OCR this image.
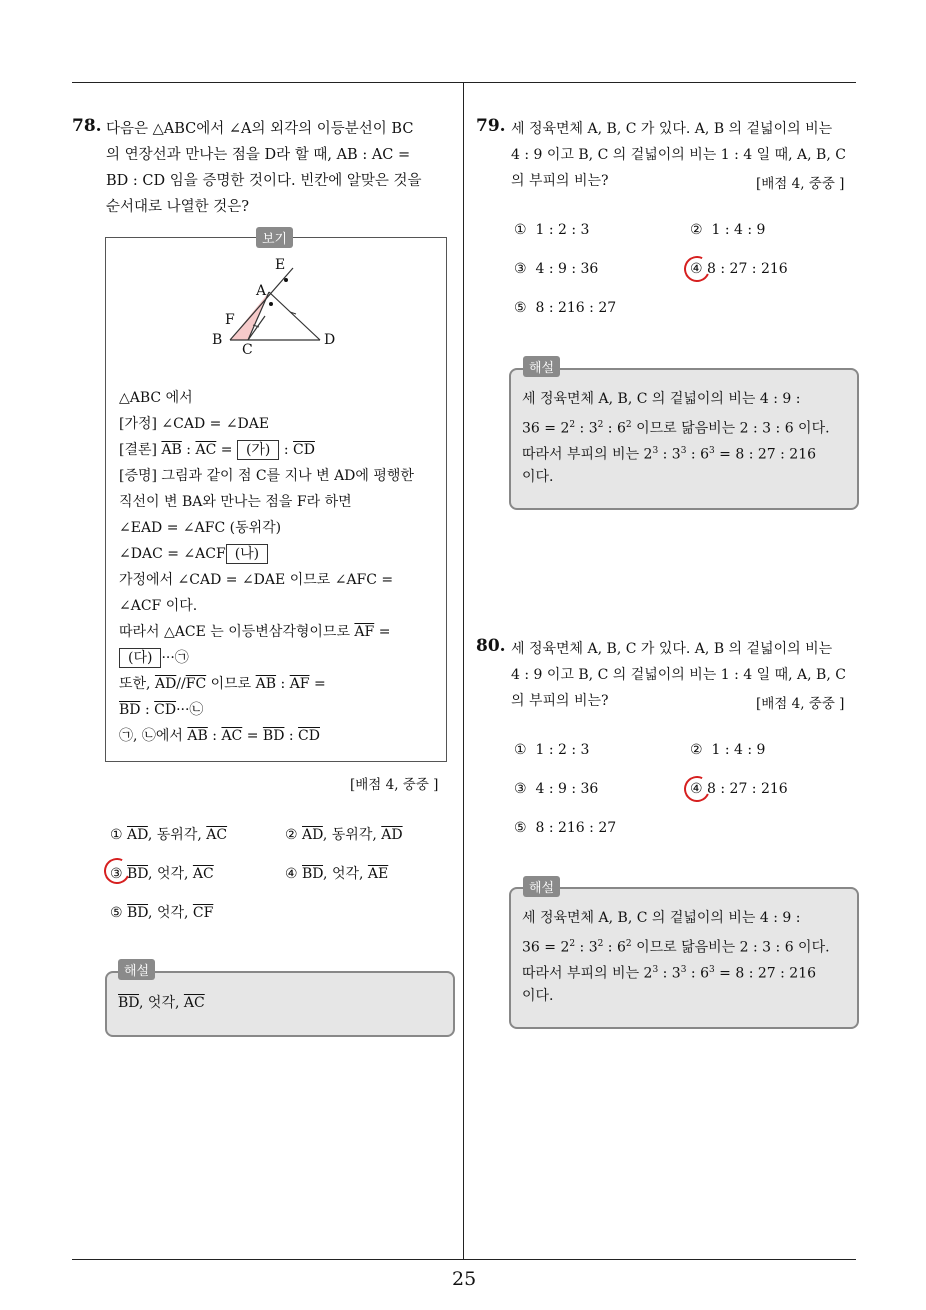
25
78. 다음은 △ABC에서 ∠A의 외각의 이등분선이 BC
의 연장선과 만나는 점을 D라 할 때, AB : AC =
BD : CD 임을 증명한 것이다. 빈칸에 알맞은 것을
순서대로 나열한 것은?
보기
E
A
F
B
C
D
△ABC 에서
[가정] ∠CAD = ∠DAE
[결론] $\overline{AB}$ : $\overline{AC}$ = (가) : $\overline{CD}$
[증명] 그림과 같이 점 C를 지나 변 AD에 평행한
직선이 변 BA와 만나는 점을 F라 하면
∠EAD = ∠AFC (동위각)
∠DAC = ∠ACF (나)
가정에서 ∠CAD = ∠DAE 이므로 ∠AFC =
∠ACF 이다.
따라서 △ACE 는 이등변삼각형이므로 $\overline{AF}$ =
(다) ···㉠
또한, $\overline{AD}//\overline{FC}$ 이므로 $\overline{AB}$ : $\overline{AF}$ =
$\overline{BD}$ : $\overline{CD}\cdot\cdot\cdot㉡$
㉠, ㉡에서 $\overline{AB}$ : $\overline{AC} = \overline{BD}$ : $\overline{CD}$
[배점 4, 중중 ]
① $\overline{AD}$, 동위각, $\overline{AC}$	② $\overline{AD}$, 동위각, $\overline{AD}$
③ $\overline{BD}$, 엇각, $\overline{AC}$	④ $\overline{BD}$, 엇각, $\overline{AE}$
⑤ $\overline{BD}$, 엇각, $\overline{CF}$
해설
$\overline{BD}$, 엇각, $\overline{AC}$
79. 세 정육면체 A, B, C 가 있다. A, B 의 겉넓이의 비는
4 : 9 이고 B, C 의 겉넓이의 비는 1 : 4 일 때, A, B, C
의 부피의 비는?	[배점 4, 중중 ]
① 1 : 2 : 3	② 1 : 4 : 9
③ 4 : 9 : 36	④ 8 : 27 : 216
⑤ 8 : 216 : 27
해설
세 정육면체 A, B, C 의 겉넓이의 비는 4 : 9 :
$36 = 2^2$ : $3^2$ : $6^2$ 이므로 닮음비는 2 : 3 : 6 이다.
따라서 부피의 비는 $2^3$ : $3^3$ : $6^3 = 8$ : 27 : 216
이다.
80. 세 정육면체 A, B, C 가 있다. A, B 의 겉넓이의 비는
4 : 9 이고 B, C 의 겉넓이의 비는 1 : 4 일 때, A, B, C
의 부피의 비는?	[배점 4, 중중 ]
① 1 : 2 : 3	② 1 : 4 : 9
③ 4 : 9 : 36	④ 8 : 27 : 216
⑤ 8 : 216 : 27
해설
세 정육면체 A, B, C 의 겉넓이의 비는 4 : 9 :
$36 = 2^2$ : $3^2$ : $6^2$ 이므로 닮음비는 2 : 3 : 6 이다.
따라서 부피의 비는 $2^3$ : $3^3$ : $6^3 = 8$ : 27 : 216
이다.
